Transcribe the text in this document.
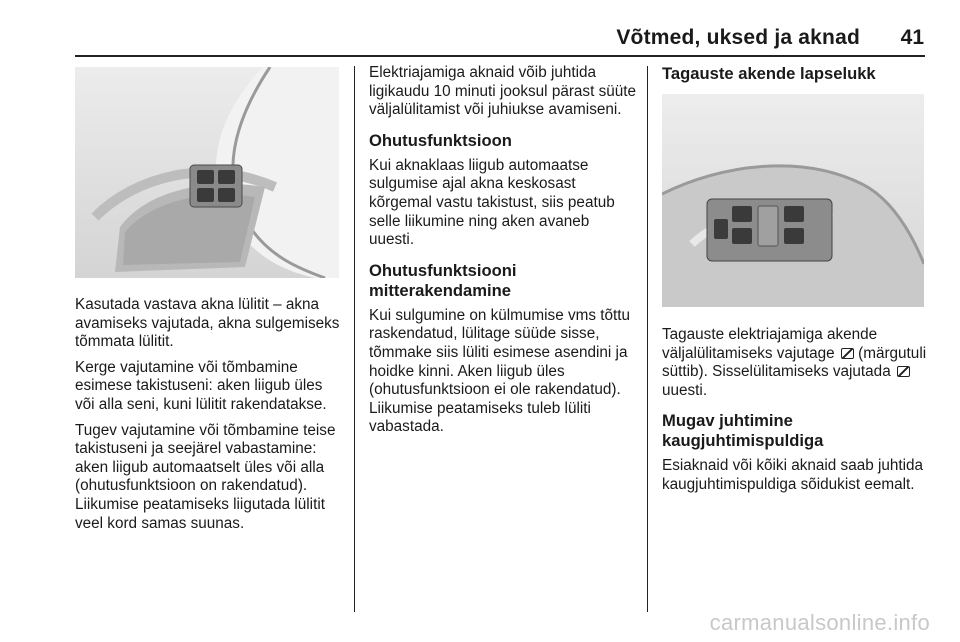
Võtmed, uksed ja aknad	41

Kasutada vastava akna lülitit – akna avamiseks vajutada, akna sulgemiseks tõmmata lülitit.

Kerge vajutamine või tõmbamine esimese takistuseni: aken liigub üles või alla seni, kuni lülitit rakendatakse.

Tugev vajutamine või tõmbamine teise takistuseni ja seejärel vabastamine: aken liigub automaatselt üles või alla (ohutusfunktsioon on rakendatud). Liikumise peatamiseks liigutada lülitit veel kord samas suunas.

Elektriajamiga aknaid võib juhtida ligikaudu 10 minuti jooksul pärast süüte väljalülitamist või juhiukse avamiseni.

Ohutusfunktsioon

Kui aknaklaas liigub automaatse sulgumise ajal akna keskosast kõrgemal vastu takistust, siis peatub selle liikumine ning aken avaneb uuesti.

Ohutusfunktsiooni mitterakendamine

Kui sulgumine on külmumise vms tõttu raskendatud, lülitage süüde sisse, tõmmake siis lüliti esimese asendini ja hoidke kinni. Aken liigub üles (ohutusfunktsioon ei ole rakendatud). Liikumise peatamiseks tuleb lüliti vabastada.

Tagauste akende lapselukk

Tagauste elektriajamiga akende väljalülitamiseks vajutage (märgutuli süttib). Sisselülitamiseks vajutada  uuesti.

Mugav juhtimine kaugjuhtimispuldiga

Esiaknaid või kõiki aknaid saab juhtida kaugjuhtimispuldiga sõidukist eemalt.

carmanualsonline.info
